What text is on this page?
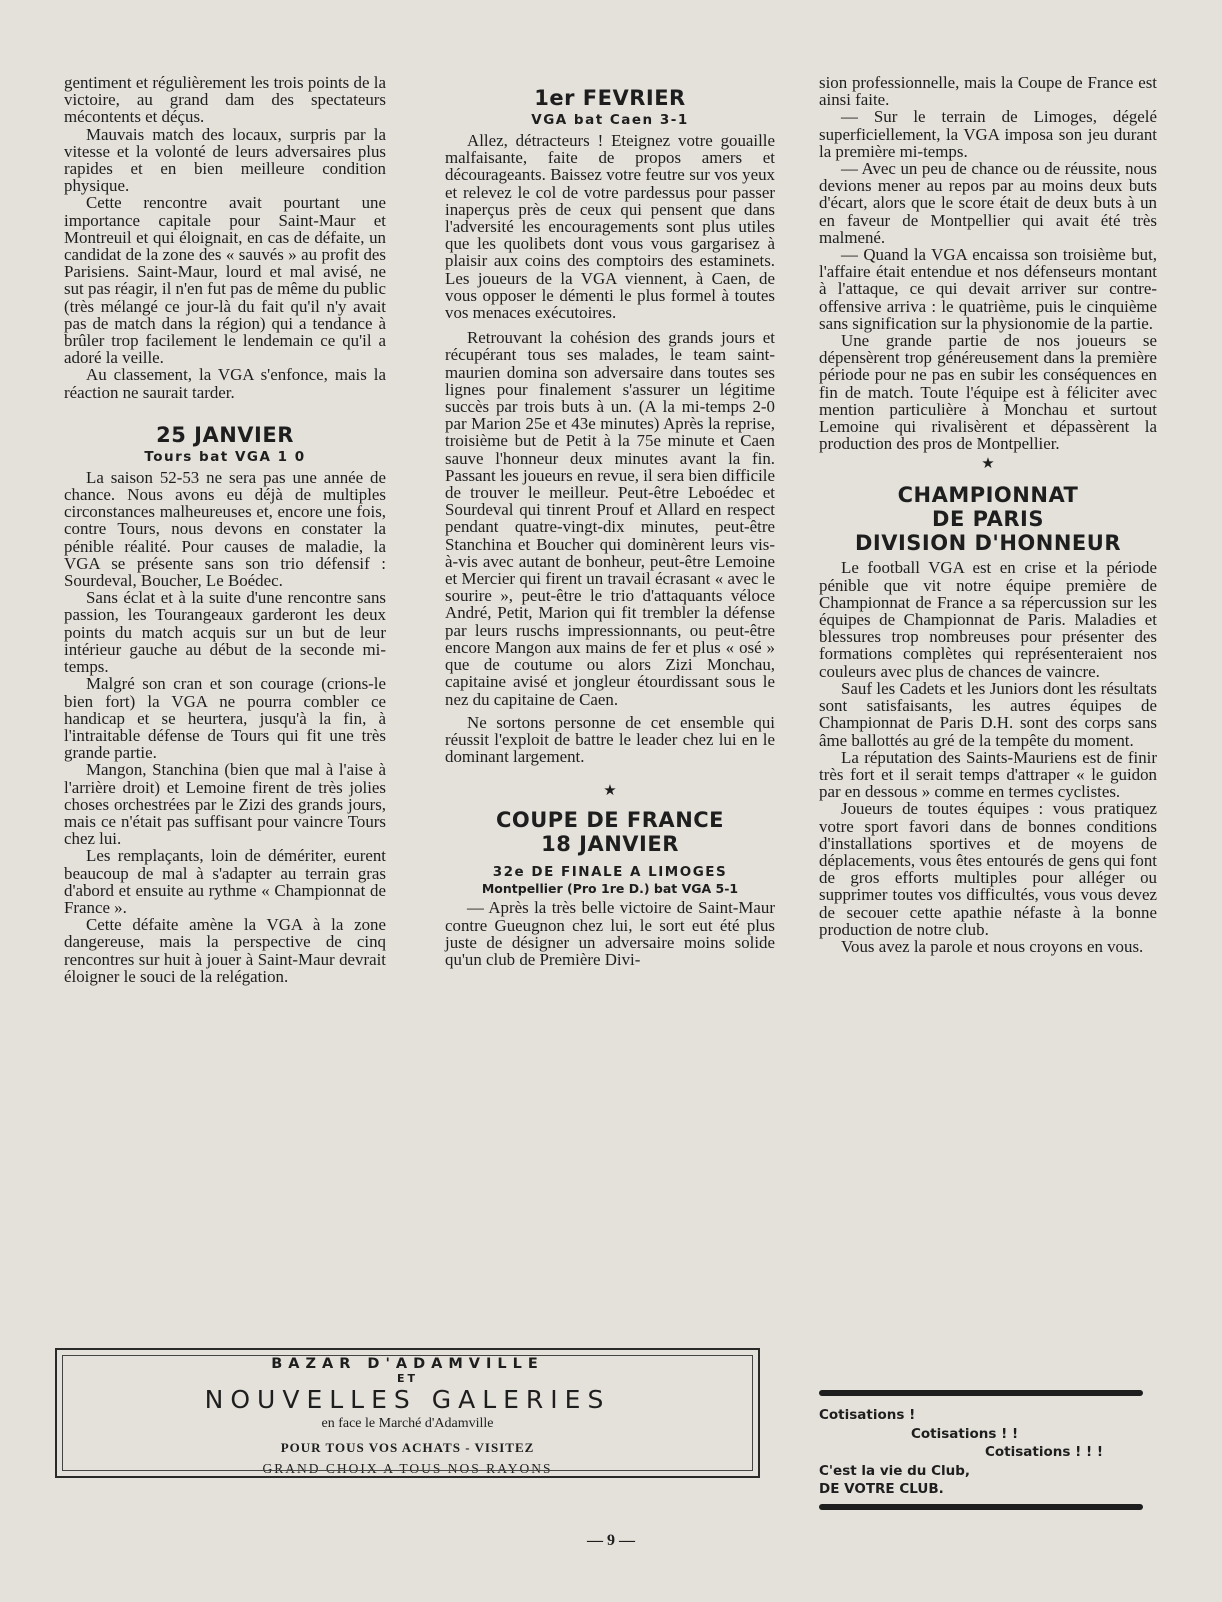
gentiment et régulièrement les trois points de la victoire, au grand dam des spectateurs mécontents et déçus.

Mauvais match des locaux, surpris par la vitesse et la volonté de leurs adversaires plus rapides et en bien meilleure condition physique.

Cette rencontre avait pourtant une importance capitale pour Saint-Maur et Montreuil et qui éloignait, en cas de défaite, un candidat de la zone des « sauvés » au profit des Parisiens. Saint-Maur, lourd et mal avisé, ne sut pas réagir, il n'en fut pas de même du public (très mélangé ce jour-là du fait qu'il n'y avait pas de match dans la région) qui a tendance à brûler trop facilement le lendemain ce qu'il a adoré la veille.

Au classement, la VGA s'enfonce, mais la réaction ne saurait tarder.

25 JANVIER
Tours bat VGA 1 0

La saison 52-53 ne sera pas une année de chance. Nous avons eu déjà de multiples circonstances malheureuses et, encore une fois, contre Tours, nous devons en constater la pénible réalité. Pour causes de maladie, la VGA se présente sans son trio défensif : Sourdeval, Boucher, Le Boédec.

Sans éclat et à la suite d'une rencontre sans passion, les Tourangeaux garderont les deux points du match acquis sur un but de leur intérieur gauche au début de la seconde mi-temps.

Malgré son cran et son courage (crions-le bien fort) la VGA ne pourra combler ce handicap et se heurtera, jusqu'à la fin, à l'intraitable défense de Tours qui fit une très grande partie.

Mangon, Stanchina (bien que mal à l'aise à l'arrière droit) et Lemoine firent de très jolies choses orchestrées par le Zizi des grands jours, mais ce n'était pas suffisant pour vaincre Tours chez lui.

Les remplaçants, loin de démériter, eurent beaucoup de mal à s'adapter au terrain gras d'abord et ensuite au rythme « Championnat de France ».

Cette défaite amène la VGA à la zone dangereuse, mais la perspective de cinq rencontres sur huit à jouer à Saint-Maur devrait éloigner le souci de la relégation.

1er FEVRIER
VGA bat Caen 3-1

Allez, détracteurs ! Eteignez votre gouaille malfaisante, faite de propos amers et décourageants. Baissez votre feutre sur vos yeux et relevez le col de votre pardessus pour passer inaperçus près de ceux qui pensent que dans l'adversité les encouragements sont plus utiles que les quolibets dont vous vous gargarisez à plaisir aux coins des comptoirs des estaminets. Les joueurs de la VGA viennent, à Caen, de vous opposer le démenti le plus formel à toutes vos menaces exécutoires.

Retrouvant la cohésion des grands jours et récupérant tous ses malades, le team saint-maurien domina son adversaire dans toutes ses lignes pour finalement s'assurer un légitime succès par trois buts à un. (A la mi-temps 2-0 par Marion 25e et 43e minutes) Après la reprise, troisième but de Petit à la 75e minute et Caen sauve l'honneur deux minutes avant la fin. Passant les joueurs en revue, il sera bien difficile de trouver le meilleur. Peut-être Leboédec et Sourdeval qui tinrent Prouf et Allard en respect pendant quatre-vingt-dix minutes, peut-être Stanchina et Boucher qui dominèrent leurs vis-à-vis avec autant de bonheur, peut-être Lemoine et Mercier qui firent un travail écrasant « avec le sourire », peut-être le trio d'attaquants véloce André, Petit, Marion qui fit trembler la défense par leurs ruschs impressionnants, ou peut-être encore Mangon aux mains de fer et plus « osé » que de coutume ou alors Zizi Monchau, capitaine avisé et jongleur étourdissant sous le nez du capitaine de Caen.

Ne sortons personne de cet ensemble qui réussit l'exploit de battre le leader chez lui en le dominant largement.

★
COUPE DE FRANCE
18 JANVIER
32e DE FINALE A LIMOGES
Montpellier (Pro 1re D.) bat VGA 5-1

— Après la très belle victoire de Saint-Maur contre Gueugnon chez lui, le sort eut été plus juste de désigner un adversaire moins solide qu'un club de Première Divi-

sion professionnelle, mais la Coupe de France est ainsi faite.

— Sur le terrain de Limoges, dégelé superficiellement, la VGA imposa son jeu durant la première mi-temps.

— Avec un peu de chance ou de réussite, nous devions mener au repos par au moins deux buts d'écart, alors que le score était de deux buts à un en faveur de Montpellier qui avait été très malmené.

— Quand la VGA encaissa son troisième but, l'affaire était entendue et nos défenseurs montant à l'attaque, ce qui devait arriver sur contre-offensive arriva : le quatrième, puis le cinquième sans signification sur la physionomie de la partie.

Une grande partie de nos joueurs se dépensèrent trop généreusement dans la première période pour ne pas en subir les conséquences en fin de match. Toute l'équipe est à féliciter avec mention particulière à Monchau et surtout Lemoine qui rivalisèrent et dépassèrent la production des pros de Montpellier.

★
CHAMPIONNAT
DE PARIS
DIVISION D'HONNEUR

Le football VGA est en crise et la période pénible que vit notre équipe première de Championnat de France a sa répercussion sur les équipes de Championnat de Paris. Maladies et blessures trop nombreuses pour présenter des formations complètes qui représenteraient nos couleurs avec plus de chances de vaincre.

Sauf les Cadets et les Juniors dont les résultats sont satisfaisants, les autres équipes de Championnat de Paris D.H. sont des corps sans âme ballottés au gré de la tempête du moment.

La réputation des Saints-Mauriens est de finir très fort et il serait temps d'attraper « le guidon par en dessous » comme en termes cyclistes.

Joueurs de toutes équipes : vous pratiquez votre sport favori dans de bonnes conditions d'installations sportives et de moyens de déplacements, vous êtes entourés de gens qui font de gros efforts multiples pour alléger ou supprimer toutes vos difficultés, vous vous devez de secouer cette apathie néfaste à la bonne production de notre club.

Vous avez la parole et nous croyons en vous.

Cotisations !
Cotisations ! !
Cotisations ! ! !
C'est la vie du Club,
DE VOTRE CLUB.
BAZAR D'ADAMVILLE
ET
NOUVELLES GALERIES
en face le Marché d'Adamville
POUR TOUS VOS ACHATS - VISITEZ
GRAND CHOIX A TOUS NOS RAYONS
— 9 —
